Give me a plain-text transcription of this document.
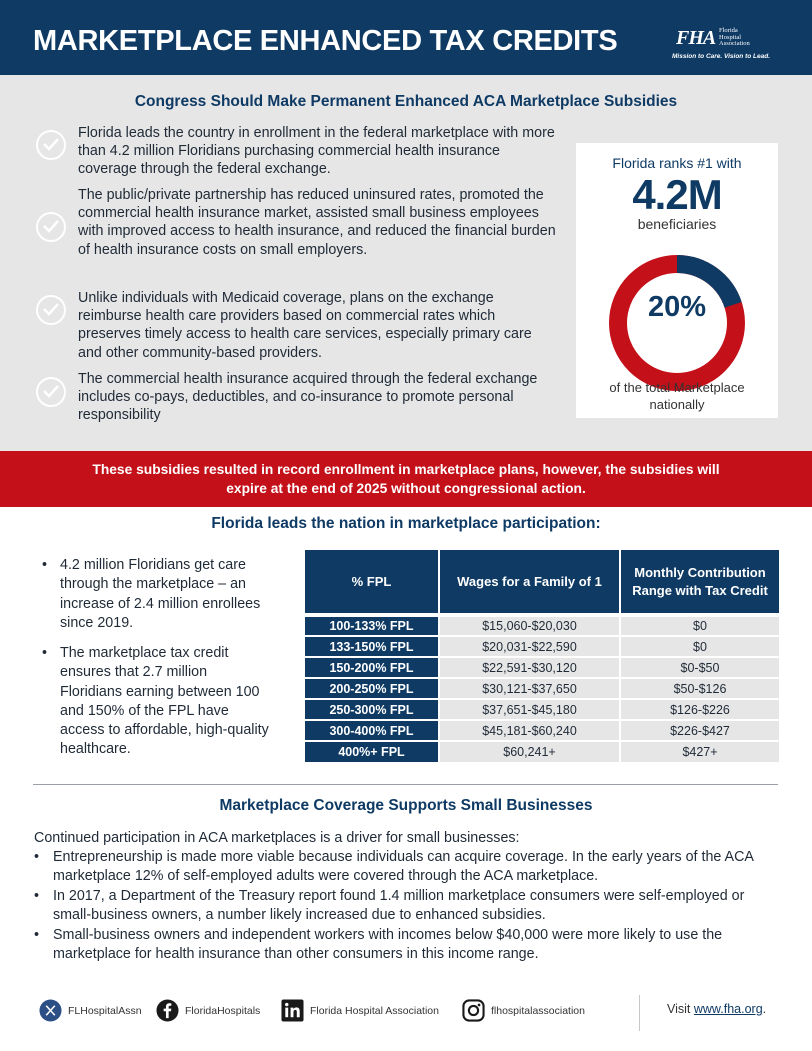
MARKETPLACE ENHANCED TAX CREDITS	FHA Florida
Hospital
Association
Mission to Care. Vision to Lead.
Congress Should Make Permanent Enhanced ACA Marketplace Subsidies

Florida leads the country in enrollment in the federal marketplace with more than 4.2 million Floridians purchasing commercial health insurance coverage through the federal exchange.

The public/private partnership has reduced uninsured rates, promoted the commercial health insurance market, assisted small business employees with improved access to health insurance, and reduced the financial burden of health insurance costs on small employers.

Unlike individuals with Medicaid coverage, plans on the exchange reimburse health care providers based on commercial rates which preserves timely access to health care services, especially primary care and other community-based providers.

The commercial health insurance acquired through the federal exchange includes co-pays, deductibles, and co-insurance to promote personal responsibility

Florida ranks #1 with
4.2M
beneficiaries
20%
of the total Marketplace
nationally

These subsidies resulted in record enrollment in marketplace plans, however, the subsidies will
expire at the end of 2025 without congressional action.

Florida leads the nation in marketplace participation:
• 4.2 million Floridians get care through the marketplace – an increase of 2.4 million enrollees since 2019.

• The marketplace tax credit ensures that 2.7 million Floridians earning between 100 and 150% of the FPL have access to affordable, high-quality healthcare.

% FPL	Wages for a Family of 1	Monthly Contribution Range with Tax Credit
100-133% FPL	$15,060-$20,030	$0
133-150% FPL	$20,031-$22,590	$0
150-200% FPL	$22,591-$30,120	$0-$50
200-250% FPL	$30,121-$37,650	$50-$126
250-300% FPL	$37,651-$45,180	$126-$226
300-400% FPL	$45,181-$60,240	$226-$427
400%+ FPL	$60,241+	$427+
Marketplace Coverage Supports Small Businesses

Continued participation in ACA marketplaces is a driver for small businesses:

• Entrepreneurship is made more viable because individuals can acquire coverage. In the early years of the ACA marketplace 12% of self-employed adults were covered through the ACA marketplace.

• In 2017, a Department of the Treasury report found 1.4 million marketplace consumers were self-employed or small-business owners, a number likely increased due to enhanced subsidies.

• Small-business owners and independent workers with incomes below $40,000 were more likely to use the marketplace for health insurance than other consumers in this income range.

FLHospitalAssn	FloridaHospitals	Florida Hospital Association	flhospitalassociation	Visit www.fha.org.
